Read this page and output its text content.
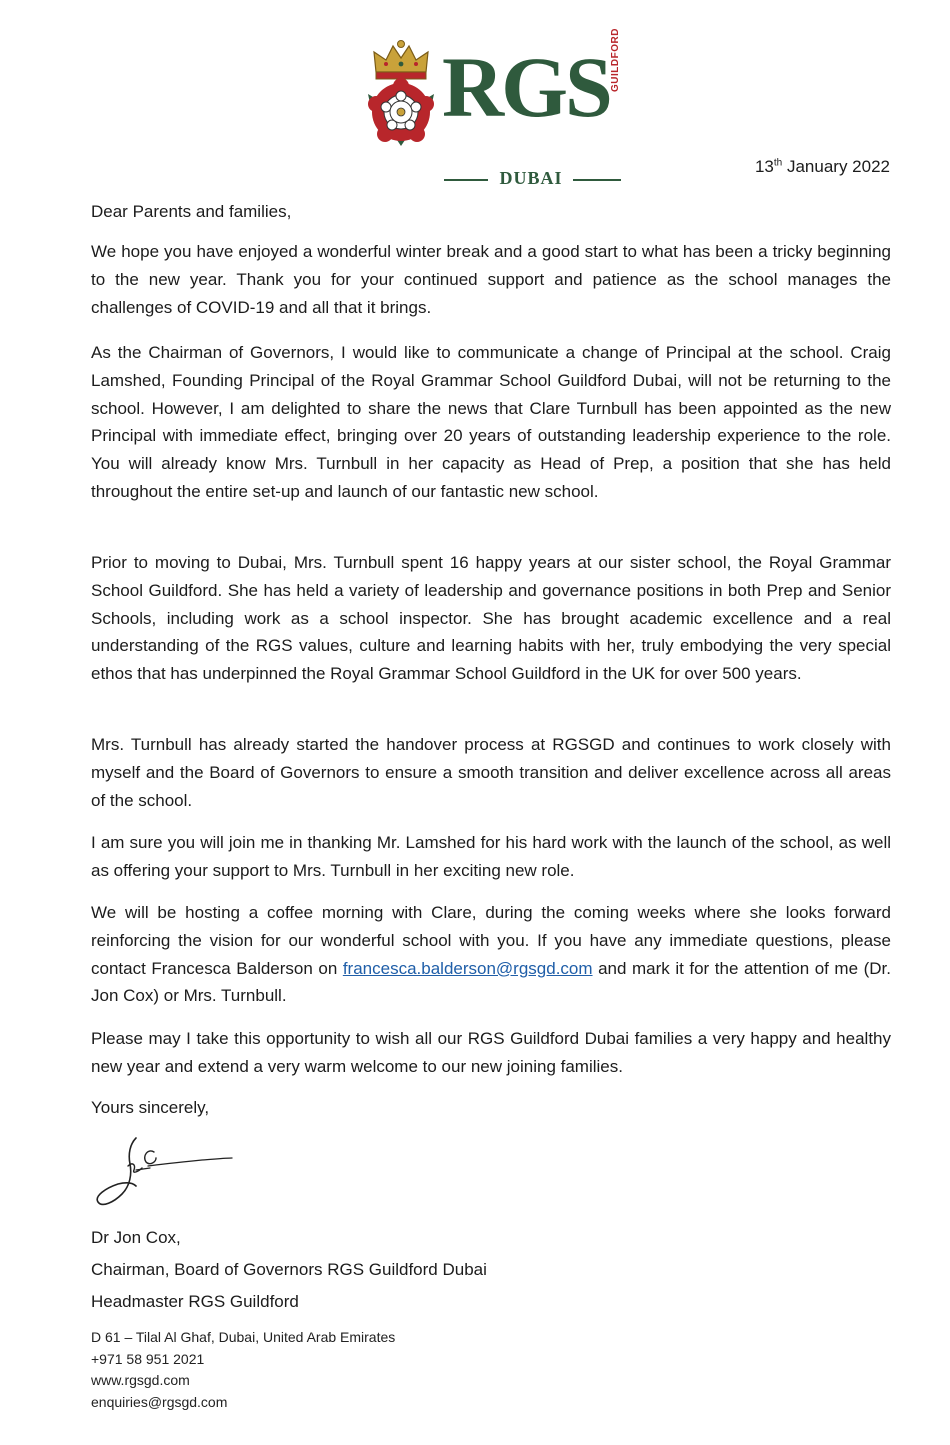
RGS GUILDFORD
DUBAI
13th January 2022
Dear Parents and families,
We hope you have enjoyed a wonderful winter break and a good start to what has been a tricky beginning to the new year. Thank you for your continued support and patience as the school manages the challenges of COVID-19 and all that it brings.
As the Chairman of Governors, I would like to communicate a change of Principal at the school. Craig Lamshed, Founding Principal of the Royal Grammar School Guildford Dubai, will not be returning to the school. However, I am delighted to share the news that Clare Turnbull has been appointed as the new Principal with immediate effect, bringing over 20 years of outstanding leadership experience to the role. You will already know Mrs. Turnbull in her capacity as Head of Prep, a position that she has held throughout the entire set-up and launch of our fantastic new school.
Prior to moving to Dubai, Mrs. Turnbull spent 16 happy years at our sister school, the Royal Grammar School Guildford. She has held a variety of leadership and governance positions in both Prep and Senior Schools, including work as a school inspector. She has brought academic excellence and a real understanding of the RGS values, culture and learning habits with her, truly embodying the very special ethos that has underpinned the Royal Grammar School Guildford in the UK for over 500 years.
Mrs. Turnbull has already started the handover process at RGSGD and continues to work closely with myself and the Board of Governors to ensure a smooth transition and deliver excellence across all areas of the school.
I am sure you will join me in thanking Mr. Lamshed for his hard work with the launch of the school, as well as offering your support to Mrs. Turnbull in her exciting new role.
We will be hosting a coffee morning with Clare, during the coming weeks where she looks forward reinforcing the vision for our wonderful school with you. If you have any immediate questions, please contact Francesca Balderson on francesca.balderson@rgsgd.com and mark it for the attention of me (Dr. Jon Cox) or Mrs. Turnbull.
Please may I take this opportunity to wish all our RGS Guildford Dubai families a very happy and healthy new year and extend a very warm welcome to our new joining families.
Yours sincerely,
Dr Jon Cox,
Chairman, Board of Governors RGS Guildford Dubai
Headmaster RGS Guildford
D 61 – Tilal Al Ghaf, Dubai, United Arab Emirates
+971 58 951 2021
www.rgsgd.com
enquiries@rgsgd.com
